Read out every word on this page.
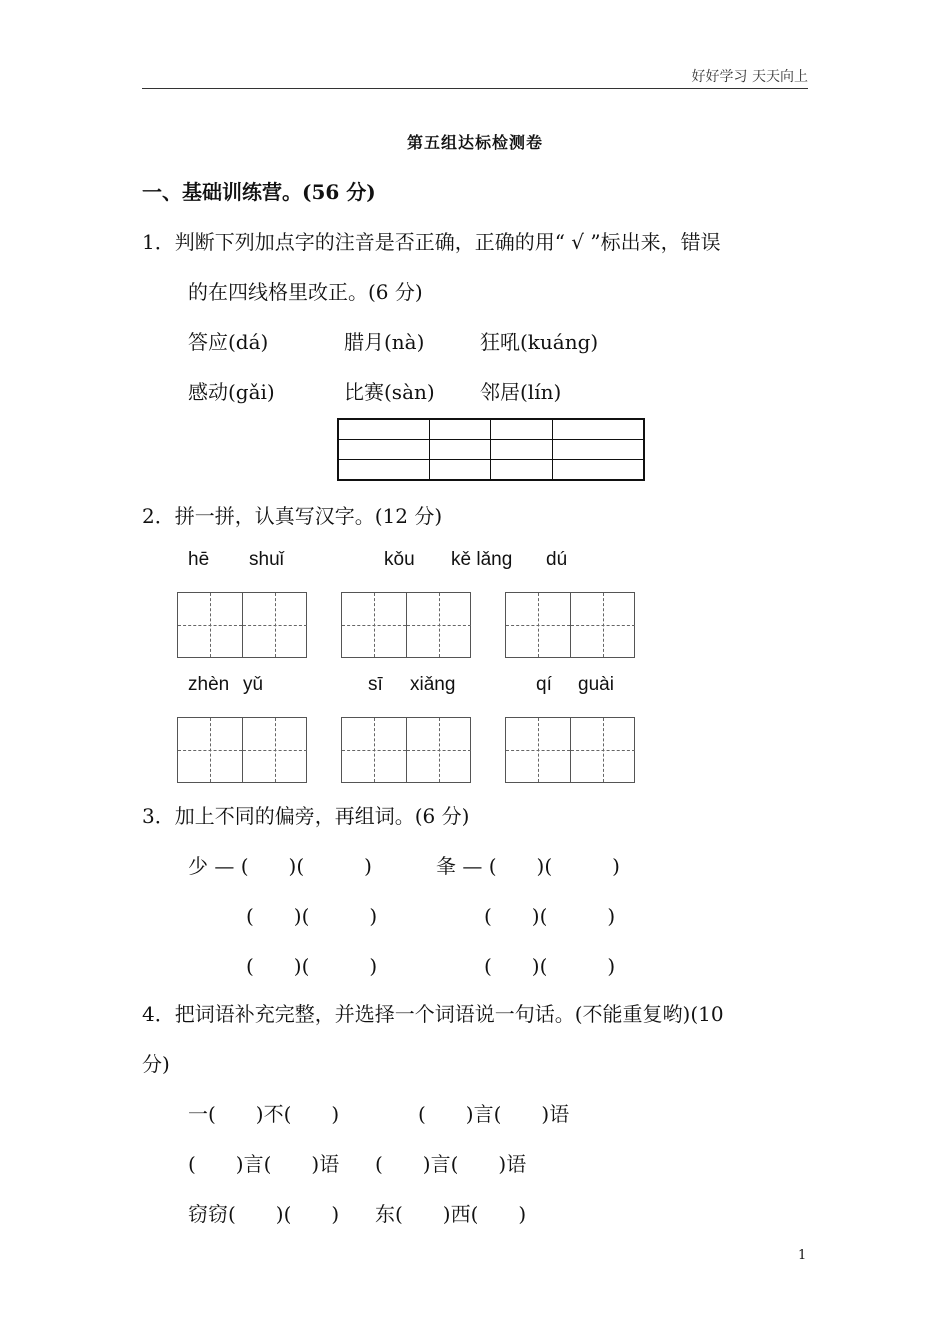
好好学习 天天向上
第五组达标检测卷
一、基础训练营。(56 分)
1．判断下列加点字的注音是否正确，正确的用“ √ ”标出来，错误
的在四线格里改正。(6 分)
答应(dá)	腊月(nà)	狂吼(kuáng)
感动(gǎi)	比赛(sàn) 邻居(lín)

2．拼一拼，认真写汉字。(12 分)
hē shuǐ	kǒu kě lǎng dú
zhèn yǔ	sī xiǎng	qí guài
3．加上不同的偏旁，再组词。(6 分)
少 — (　　)(　　　)	夆 — (　　)(　　　)
(　　)(　　　)	(　　)(　　　)
(　　)(　　　)	(　　)(　　　)
4．把词语补充完整，并选择一个词语说一句话。(不能重复哟)(10
分)
一(　　)不(　　)	(　　)言(　　)语
(　　)言(　　)语 (　　)言(　　)语
窃窃(　　)(　　) 东(　　)西(　　)
1
